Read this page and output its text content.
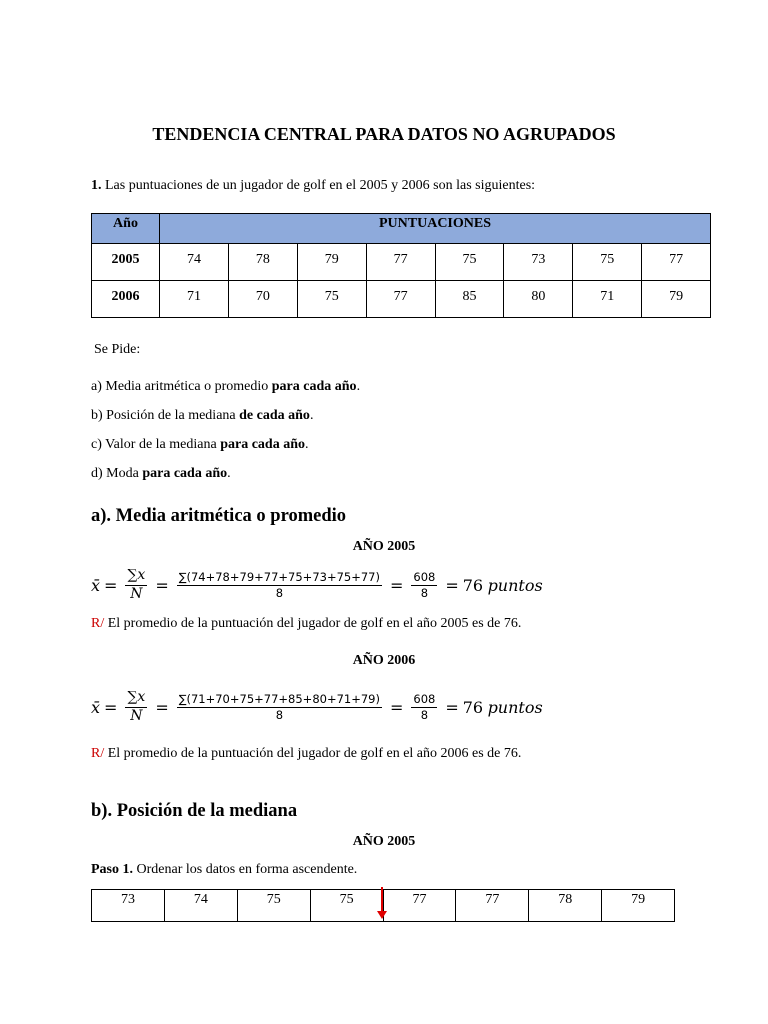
TENDENCIA CENTRAL PARA DATOS NO AGRUPADOS
1. Las puntuaciones de un jugador de golf en el 2005 y 2006 son las siguientes:
Año	PUNTUACIONES							
2005	74	78	79	77	75	73	75	77
2006	71	70	75	77	85	80	71	79
Se Pide:
a) Media aritmética o promedio para cada año.
b) Posición de la mediana de cada año.
c) Valor de la mediana para cada año.
d) Moda para cada año.
a). Media aritmética o promedio
AÑO 2005
x̄ = $\frac{\sum x}{N} = \frac{\sum(74+78+79+77+75+73+75+77)}{8} = \frac{608}{8} = 76$
puntos
R/ El promedio de la puntuación del jugador de golf en el año 2005 es de 76.
AÑO 2006
x̄ = $\frac{\sum x}{N} = \frac{\sum(71+70+75+77+85+80+71+79)}{8} = \frac{608}{8} = 76$
puntos
R/ El promedio de la puntuación del jugador de golf en el año 2006 es de 76.
b). Posición de la mediana
AÑO 2005
Paso 1. Ordenar los datos en forma ascendente.
73	74	75	75	77	77	78	79
